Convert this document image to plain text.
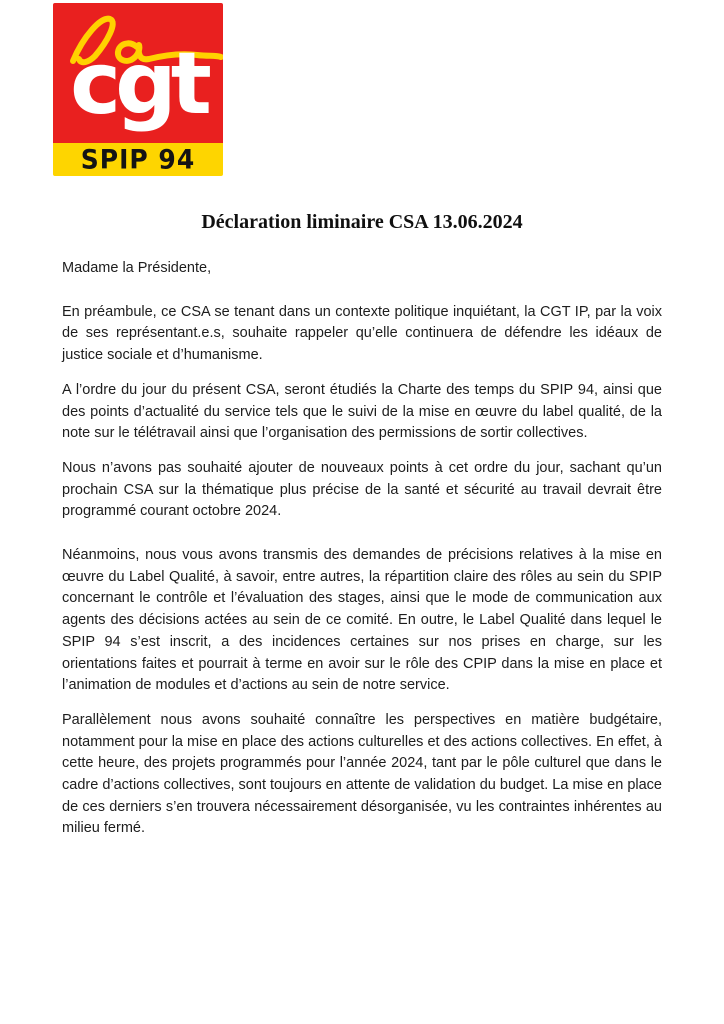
cgt
SPIP 94
Déclaration liminaire CSA 13.06.2024

Madame la Présidente,

En préambule, ce CSA se tenant dans un contexte politique inquiétant, la CGT IP, par la voix de ses représentant.e.s, souhaite rappeler qu’elle continuera de défendre les idéaux de justice sociale et d’humanisme.

A l’ordre du jour du présent CSA, seront étudiés la Charte des temps du SPIP 94, ainsi que des points d’actualité du service tels que le suivi de la mise en œuvre du label qualité, de la note sur le télétravail ainsi que l’organisation des permissions de sortir collectives.

Nous n’avons pas souhaité ajouter de nouveaux points à cet ordre du jour, sachant qu’un prochain CSA sur la thématique plus précise de la santé et sécurité au travail devrait être programmé courant octobre 2024.

Néanmoins, nous vous avons transmis des demandes de précisions relatives à la mise en œuvre du Label Qualité, à savoir, entre autres, la répartition claire des rôles au sein du SPIP concernant le contrôle et l’évaluation des stages, ainsi que le mode de communication aux agents des décisions actées au sein de ce comité. En outre, le Label Qualité dans lequel le SPIP 94 s’est inscrit, a des incidences certaines sur nos prises en charge, sur les orientations faites et pourrait à terme en avoir sur le rôle des CPIP dans la mise en place et l’animation de modules et d’actions au sein de notre service.

Parallèlement nous avons souhaité connaître les perspectives en matière budgétaire, notamment pour la mise en place des actions culturelles et des actions collectives. En effet, à cette heure, des projets programmés pour l’année 2024, tant par le pôle culturel que dans le cadre d’actions collectives, sont toujours en attente de validation du budget. La mise en place de ces derniers s’en trouvera nécessairement désorganisée, vu les contraintes inhérentes au milieu fermé.
